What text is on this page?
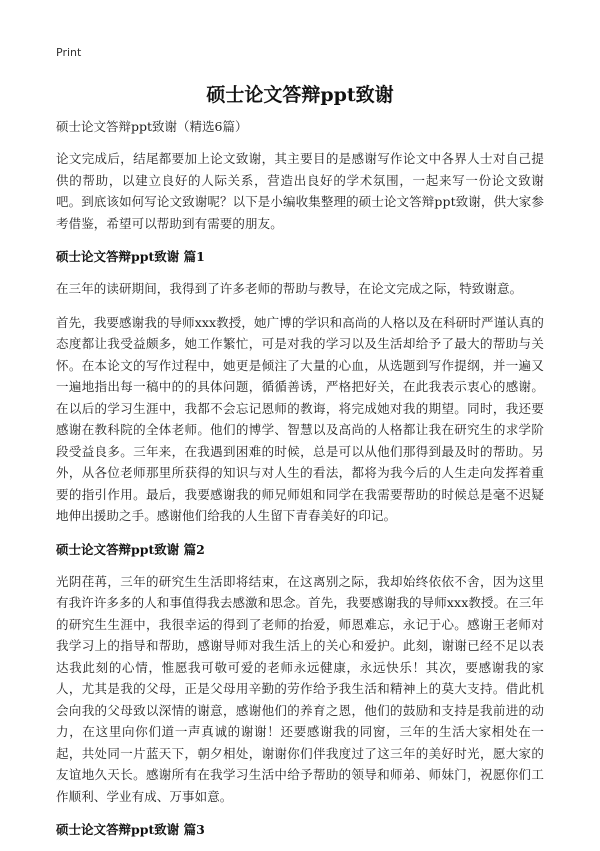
Print
硕士论文答辩ppt致谢
硕士论文答辩ppt致谢（精选6篇）

论文完成后，结尾都要加上论文致谢，其主要目的是感谢写作论文中各界人士对自己提供的帮助，以建立良好的人际关系，营造出良好的学术氛围，一起来写一份论文致谢吧。到底该如何写论文致谢呢？以下是小编收集整理的硕士论文答辩ppt致谢，供大家参考借鉴，希望可以帮助到有需要的朋友。

硕士论文答辩ppt致谢 篇1

在三年的读研期间，我得到了许多老师的帮助与教导，在论文完成之际，特致谢意。

首先，我要感谢我的导师xxx教授，她广博的学识和高尚的人格以及在科研时严谨认真的态度都让我受益颇多，她工作繁忙，可是对我的学习以及生活却给予了最大的帮助与关怀。在本论文的写作过程中，她更是倾注了大量的心血，从选题到写作提纲，并一遍又一遍地指出每一稿中的的具体问题，循循善诱，严格把好关，在此我表示衷心的感谢。在以后的学习生涯中，我都不会忘记恩师的教诲，将完成她对我的期望。同时，我还要感谢在教科院的全体老师。他们的博学、智慧以及高尚的人格都让我在研究生的求学阶段受益良多。三年来，在我遇到困难的时候，总是可以从他们那得到最及时的帮助。另外，从各位老师那里所获得的知识与对人生的看法，都将为我今后的人生走向发挥着重要的指引作用。最后，我要感谢我的师兄师姐和同学在我需要帮助的时候总是毫不迟疑地伸出援助之手。感谢他们给我的人生留下青春美好的印记。

硕士论文答辩ppt致谢 篇2

光阴荏苒，三年的研究生生活即将结束，在这离别之际，我却始终依依不舍，因为这里有我许许多多的人和事值得我去感激和思念。首先，我要感谢我的导师xxx教授。在三年的研究生生涯中，我很幸运的得到了老师的抬爱，师恩难忘，永记于心。感谢王老师对我学习上的指导和帮助，感谢导师对我生活上的关心和爱护。此刻，谢谢已经不足以表达我此刻的心情，惟愿我可敬可爱的老师永远健康，永远快乐！其次，要感谢我的家人，尤其是我的父母，正是父母用辛勤的劳作给予我生活和精神上的莫大支持。借此机会向我的父母致以深情的谢意，感谢他们的养育之恩，他们的鼓励和支持是我前进的动力，在这里向你们道一声真诚的谢谢！还要感谢我的同窗，三年的生活大家相处在一起，共处同一片蓝天下，朝夕相处，谢谢你们伴我度过了这三年的美好时光，愿大家的友谊地久天长。感谢所有在我学习生活中给予帮助的领导和师弟、师妹门，祝愿你们工作顺利、学业有成、万事如意。

硕士论文答辩ppt致谢 篇3
